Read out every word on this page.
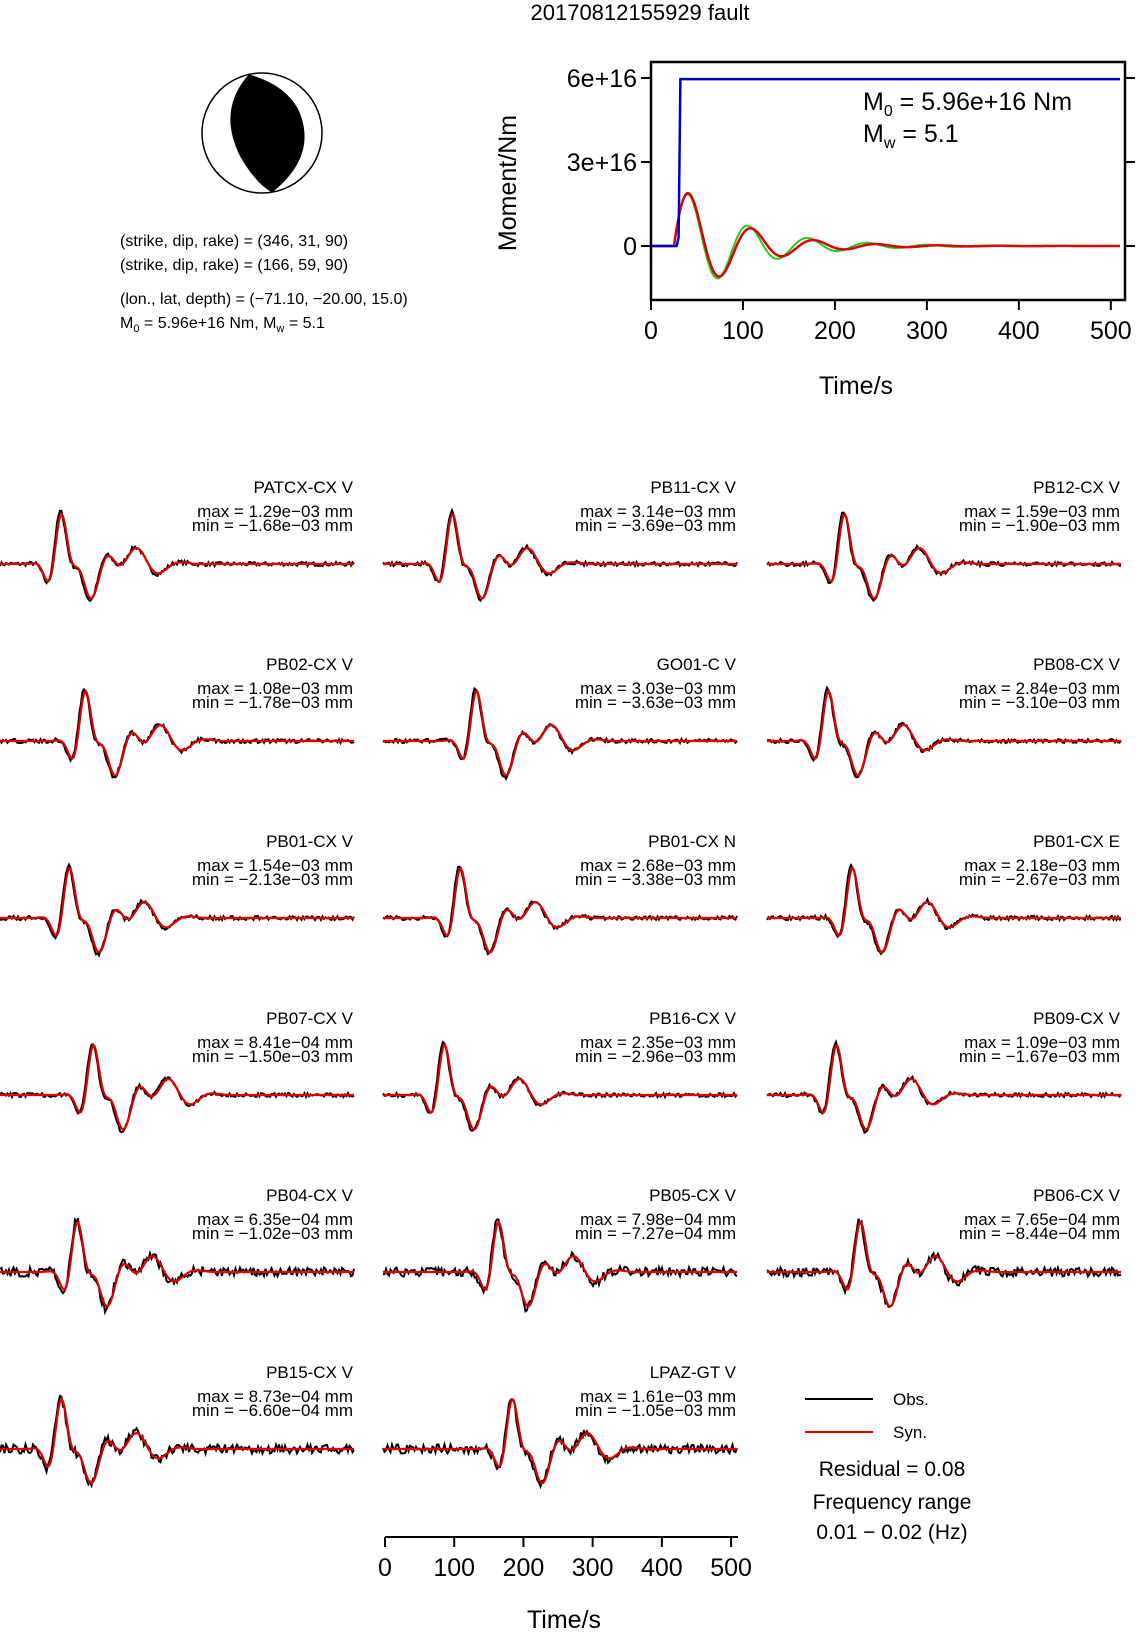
20170812155929 fault
(strike, dip, rake) = (346, 31, 90)
(strike, dip, rake) = (166, 59, 90)
(lon., lat, depth) = (−71.10, −20.00, 15.0)
$M_0 = 5.96e+16$ Nm, $M_w = 5.1$
0
3e+16
6e+16
0	100 200 300 400 500
Time/s
Moment/Nm
$M_0 = 5.96e+16$ Nm
$M_w = 5.1$
PATCX-CX V
max = 1.29e−03 mm
min = −1.68e−03 mm
PB11-CX V
max = 3.14e−03 mm
min = −3.69e−03 mm
PB12-CX V
max = 1.59e−03 mm
min = −1.90e−03 mm
PB02-CX V
max = 1.08e−03 mm
min = −1.78e−03 mm
GO01-C V
max = 3.03e−03 mm
min = −3.63e−03 mm
PB08-CX V
max = 2.84e−03 mm
min = −3.10e−03 mm
PB01-CX V
max = 1.54e−03 mm
min = −2.13e−03 mm
PB01-CX N
max = 2.68e−03 mm
min = −3.38e−03 mm
PB01-CX E
max = 2.18e−03 mm
min = −2.67e−03 mm
PB07-CX V
max = 8.41e−04 mm
min = −1.50e−03 mm
PB16-CX V
max = 2.35e−03 mm
min = −2.96e−03 mm
PB09-CX V
max = 1.09e−03 mm
min = −1.67e−03 mm
PB04-CX V
max = 6.35e−04 mm
min = −1.02e−03 mm
PB05-CX V
max = 7.98e−04 mm
min = −7.27e−04 mm
PB06-CX V
max = 7.65e−04 mm
min = −8.44e−04 mm
PB15-CX V
max = 8.73e−04 mm
min = −6.60e−04 mm
LPAZ-GT V
max = 1.61e−03 mm
min = −1.05e−03 mm
0 100 200 300 400 500
Time/s
Obs.
Syn.
Residual = 0.08
Frequency range
0.01 − 0.02 (Hz)
